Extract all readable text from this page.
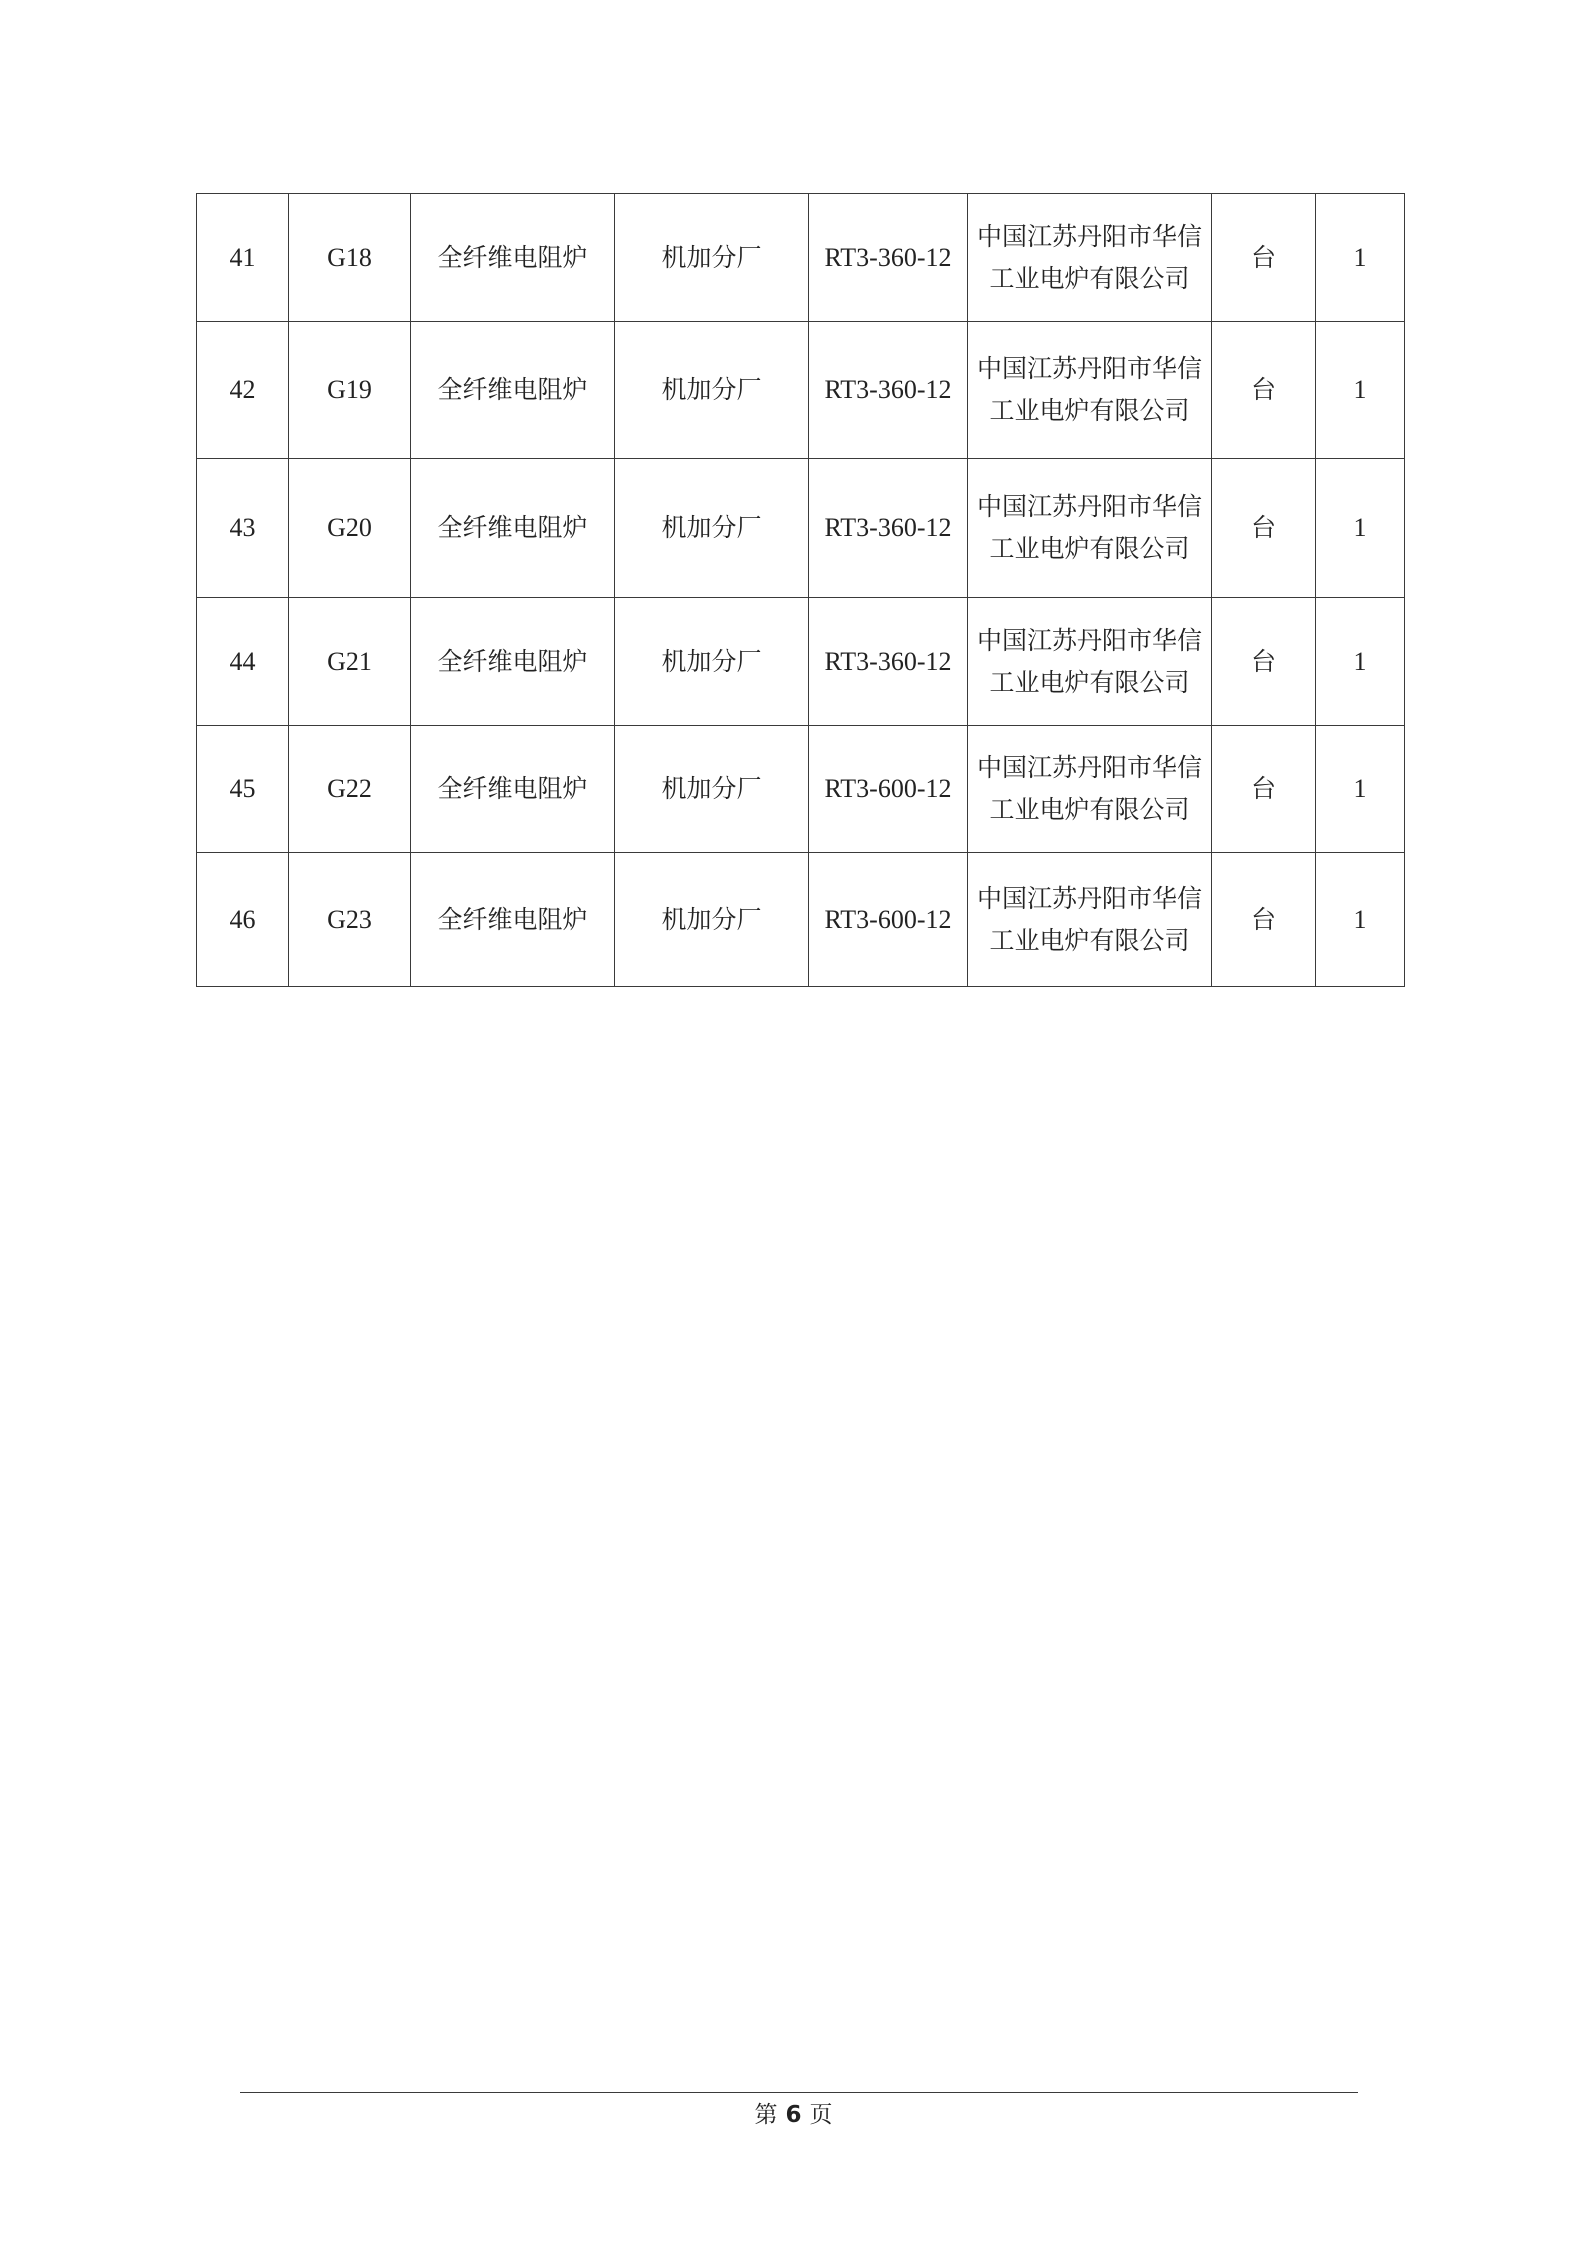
41	G18	全纤维电阻炉	机加分厂	RT3-360-12	中国江苏丹阳市华信工业电炉有限公司	台	1

42	G19	全纤维电阻炉	机加分厂	RT3-360-12	中国江苏丹阳市华信工业电炉有限公司	台	1

43	G20	全纤维电阻炉	机加分厂	RT3-360-12	中国江苏丹阳市华信工业电炉有限公司	台	1

44	G21	全纤维电阻炉	机加分厂	RT3-360-12	中国江苏丹阳市华信工业电炉有限公司	台	1

45	G22	全纤维电阻炉	机加分厂	RT3-600-12	中国江苏丹阳市华信工业电炉有限公司	台	1

46	G23	全纤维电阻炉	机加分厂	RT3-600-12	中国江苏丹阳市华信工业电炉有限公司	台	1
第 6 页
